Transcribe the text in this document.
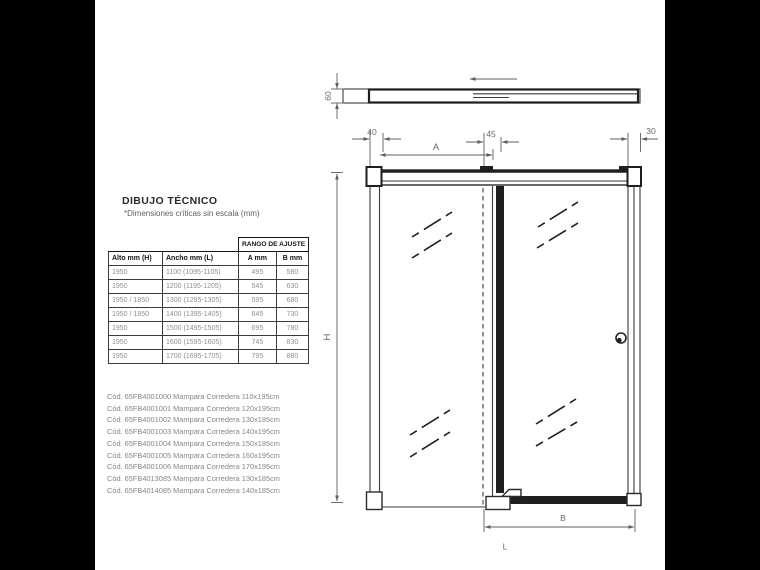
DIBUJO TÉCNICO
*Dimensiones críticas sin escala (mm)
		RANGO DE AJUSTE	
Alto mm (H)	Ancho mm (L)	A mm	B mm
1950	1100 (1095-1105)	495	580
1950	1200 (1195-1205)	545	630
1950 / 1850	1300 (1295-1305)	595	680
1950 / 1850	1400 (1395-1405)	645	730
1950	1500 (1495-1505)	695	780
1950	1600 (1595-1605)	745	830
1950	1700 (1695-1705)	795	880
Cód. 65FB4001000 Mampara Corredera 110x195cm
Cód. 65FB4001001 Mampara Corredera 120x195cm
Cód. 65FB4001002 Mampara Corredera 130x195cm
Cód. 65FB4001003 Mampara Corredera 140x195cm
Cód. 65FB4001004 Mampara Corredera 150x195cm
Cód. 65FB4001005 Mampara Corredera 160x195cm
Cód. 65FB4001006 Mampara Corredera 170x195cm
Cód. 65FB4013085 Mampara Corredera 130x185cm
Cód. 65FB4014085 Mampara Corredera 140x185cm
60
40
A
45	30
H
B
L
